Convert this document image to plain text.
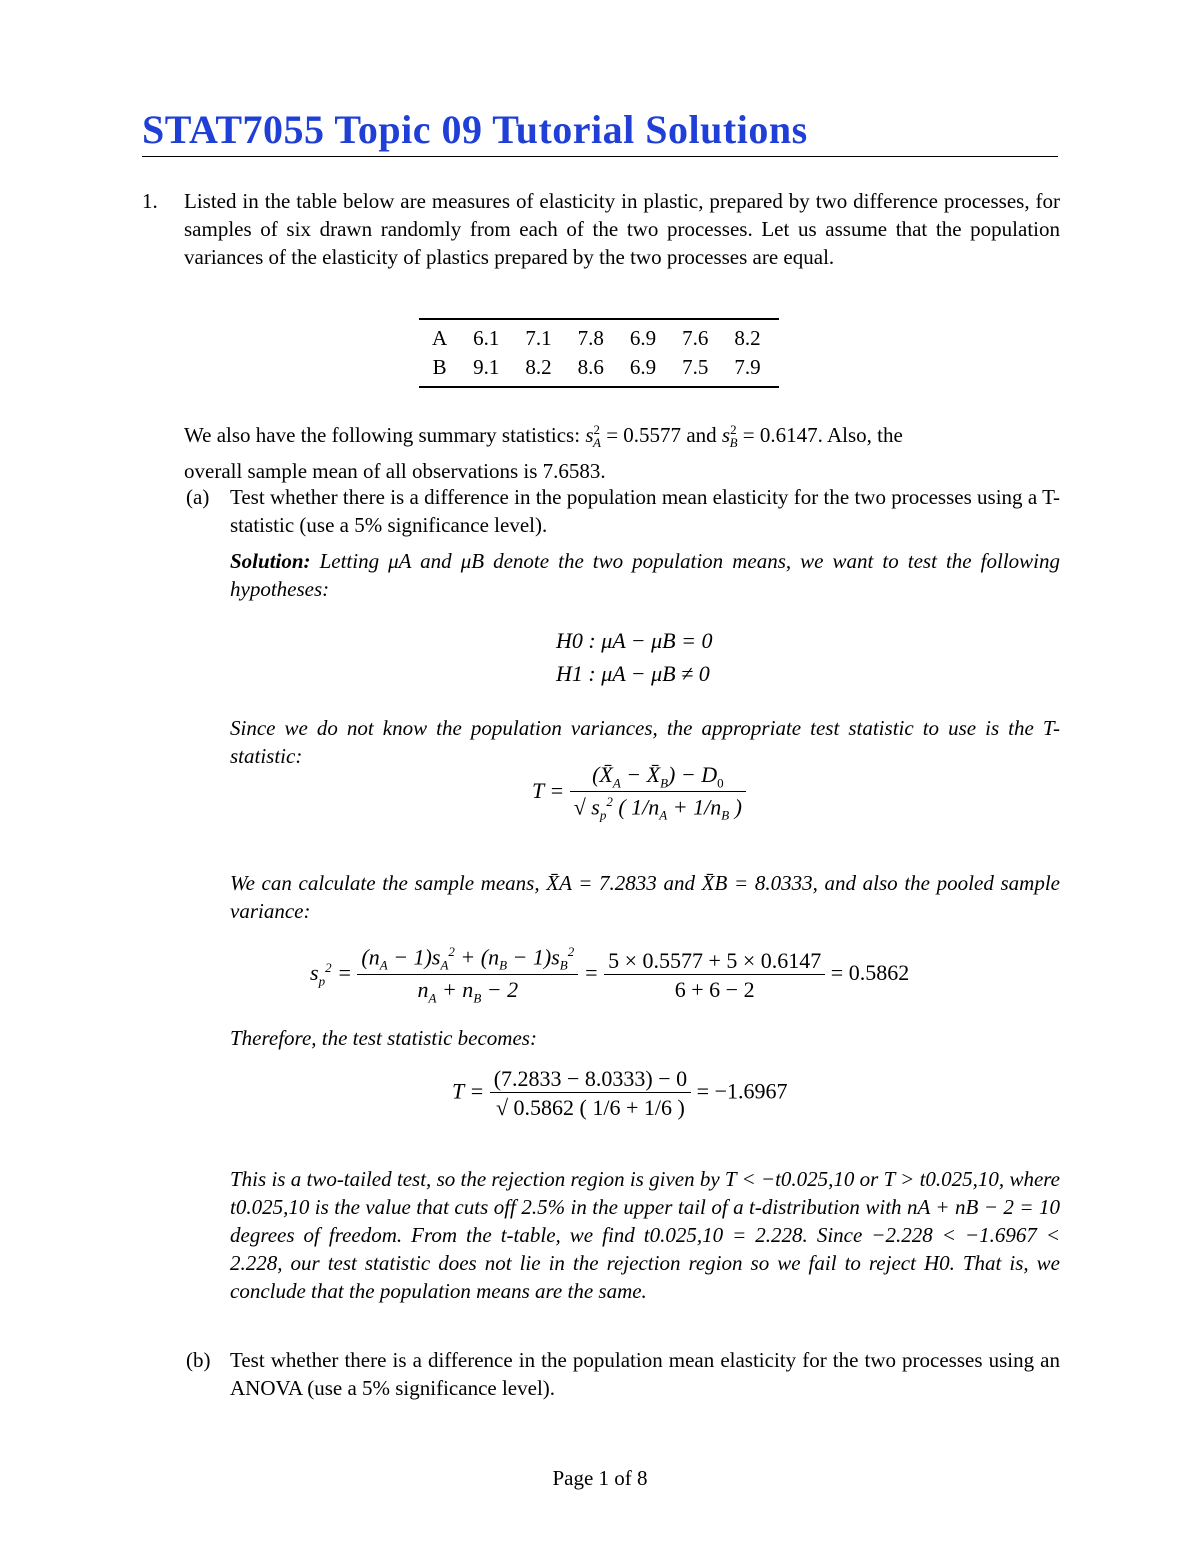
STAT7055 Topic 09 Tutorial Solutions
1. Listed in the table below are measures of elasticity in plastic, prepared by two difference processes, for samples of six drawn randomly from each of the two processes. Let us assume that the population variances of the elasticity of plastics prepared by the two processes are equal.
A	6.1	7.1	7.8	6.9	7.6	8.2
B	9.1	8.2	8.6	6.9	7.5	7.9
We also have the following summary statistics: $s^2_A = 0.5577$ and $s^2_B = 0.6147$. Also, the
overall sample mean of all observations is 7.6583.
(a) Test whether there is a difference in the population mean elasticity for the two processes using a T-statistic (use a 5% significance level).
Solution: Letting μA and μB denote the two population means, we want to test the following hypotheses:
H0 : μA − μB = 0
H1 : μA − μB ≠ 0
Since we do not know the population variances, the appropriate test statistic to use is the T-statistic:
$T = \frac{(X̄_A - X̄_B) - D_0}{√ s_p^2 ( 1/n_A + 1/n_B )}$
We can calculate the sample means, X̄A = 7.2833 and X̄B = 8.0333, and also the pooled sample variance:
$s_p^2 = \frac{(n_A - 1)s_A^2 + (n_B - 1)s_B^2}{n_A + n_B - 2} = \frac{5 \times 0.5577 + 5 \times 0.6147}{6 + 6 - 2} = 0.5862$
Therefore, the test statistic becomes:
$T = \frac{(7.2833 - 8.0333) - 0}{√ 0.5862 ( 1/6 + 1/6 )} = -1.6967$
This is a two-tailed test, so the rejection region is given by T < −t0.025,10 or T > t0.025,10, where t0.025,10 is the value that cuts off 2.5% in the upper tail of a t-distribution with nA + nB − 2 = 10 degrees of freedom. From the t-table, we find t0.025,10 = 2.228. Since −2.228 < −1.6967 < 2.228, our test statistic does not lie in the rejection region so we fail to reject H0. That is, we conclude that the population means are the same.
(b) Test whether there is a difference in the population mean elasticity for the two processes using an ANOVA (use a 5% significance level).
Page 1 of 8
